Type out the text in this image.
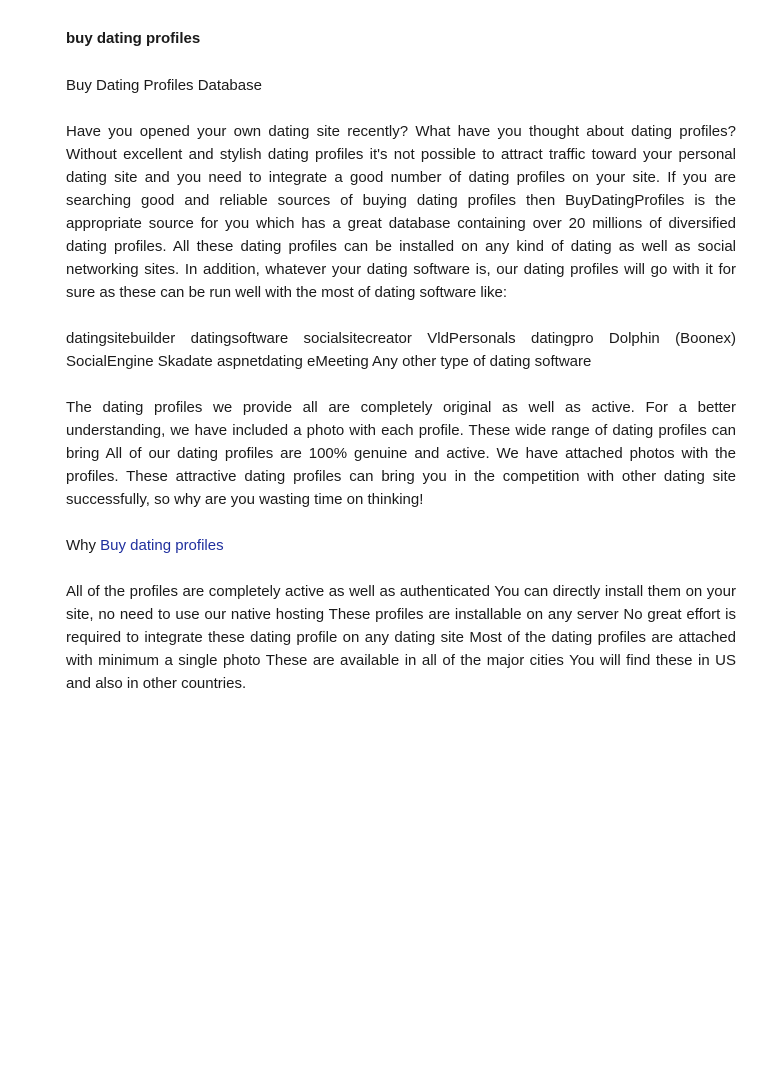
buy dating profiles

Buy Dating Profiles Database

Have you opened your own dating site recently? What have you thought about dating profiles? Without excellent and stylish dating profiles it's not possible to attract traffic toward your personal dating site and you need to integrate a good number of dating profiles on your site. If you are searching good and reliable sources of buying dating profiles then BuyDatingProfiles is the appropriate source for you which has a great database containing over 20 millions of diversified dating profiles. All these dating profiles can be installed on any kind of dating as well as social networking sites. In addition, whatever your dating software is, our dating profiles will go with it for sure as these can be run well with the most of dating software like:

datingsitebuilder datingsoftware socialsitecreator VldPersonals datingpro Dolphin (Boonex) SocialEngine Skadate aspnetdating eMeeting Any other type of dating software

The dating profiles we provide all are completely original as well as active. For a better understanding, we have included a photo with each profile. These wide range of dating profiles can bring All of our dating profiles are 100% genuine and active. We have attached photos with the profiles. These attractive dating profiles can bring you in the competition with other dating site successfully, so why are you wasting time on thinking!

Why Buy dating profiles

All of the profiles are completely active as well as authenticated You can directly install them on your site, no need to use our native hosting These profiles are installable on any server No great effort is required to integrate these dating profile on any dating site Most of the dating profiles are attached with minimum a single photo These are available in all of the major cities You will find these in US and also in other countries.
